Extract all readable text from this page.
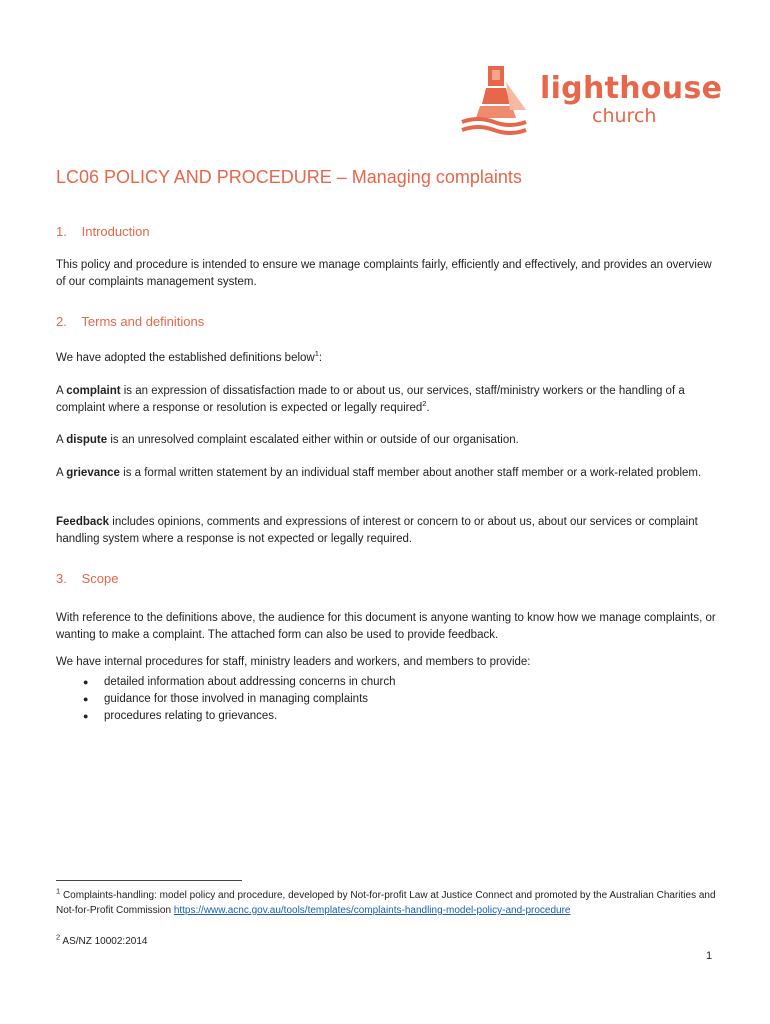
lighthouse
church
LC06 POLICY AND PROCEDURE – Managing complaints
1. Introduction
This policy and procedure is intended to ensure we manage complaints fairly, efficiently and effectively, and provides an overview of our complaints management system.
2. Terms and definitions
We have adopted the established definitions below$^1$:
A complaint is an expression of dissatisfaction made to or about us, our services, staff/ministry workers or the handling of a complaint where a response or resolution is expected or legally required$^2$.
A dispute is an unresolved complaint escalated either within or outside of our organisation.
A grievance is a formal written statement by an individual staff member about another staff member or a work-related problem.
Feedback includes opinions, comments and expressions of interest or concern to or about us, about our services or complaint handling system where a response is not expected or legally required.
3. Scope
With reference to the definitions above, the audience for this document is anyone wanting to know how we manage complaints, or wanting to make a complaint. The attached form can also be used to provide feedback.
We have internal procedures for staff, ministry leaders and workers, and members to provide:
● detailed information about addressing concerns in church
● guidance for those involved in managing complaints
● procedures relating to grievances.
$^1$ Complaints-handling: model policy and procedure, developed by Not-for-profit Law at Justice Connect and promoted by the Australian Charities and Not-for-Profit Commission https://www.acnc.gov.au/tools/templates/complaints-handling-model-policy-and-procedure
$^2$ AS/NZ 10002:2014
1
